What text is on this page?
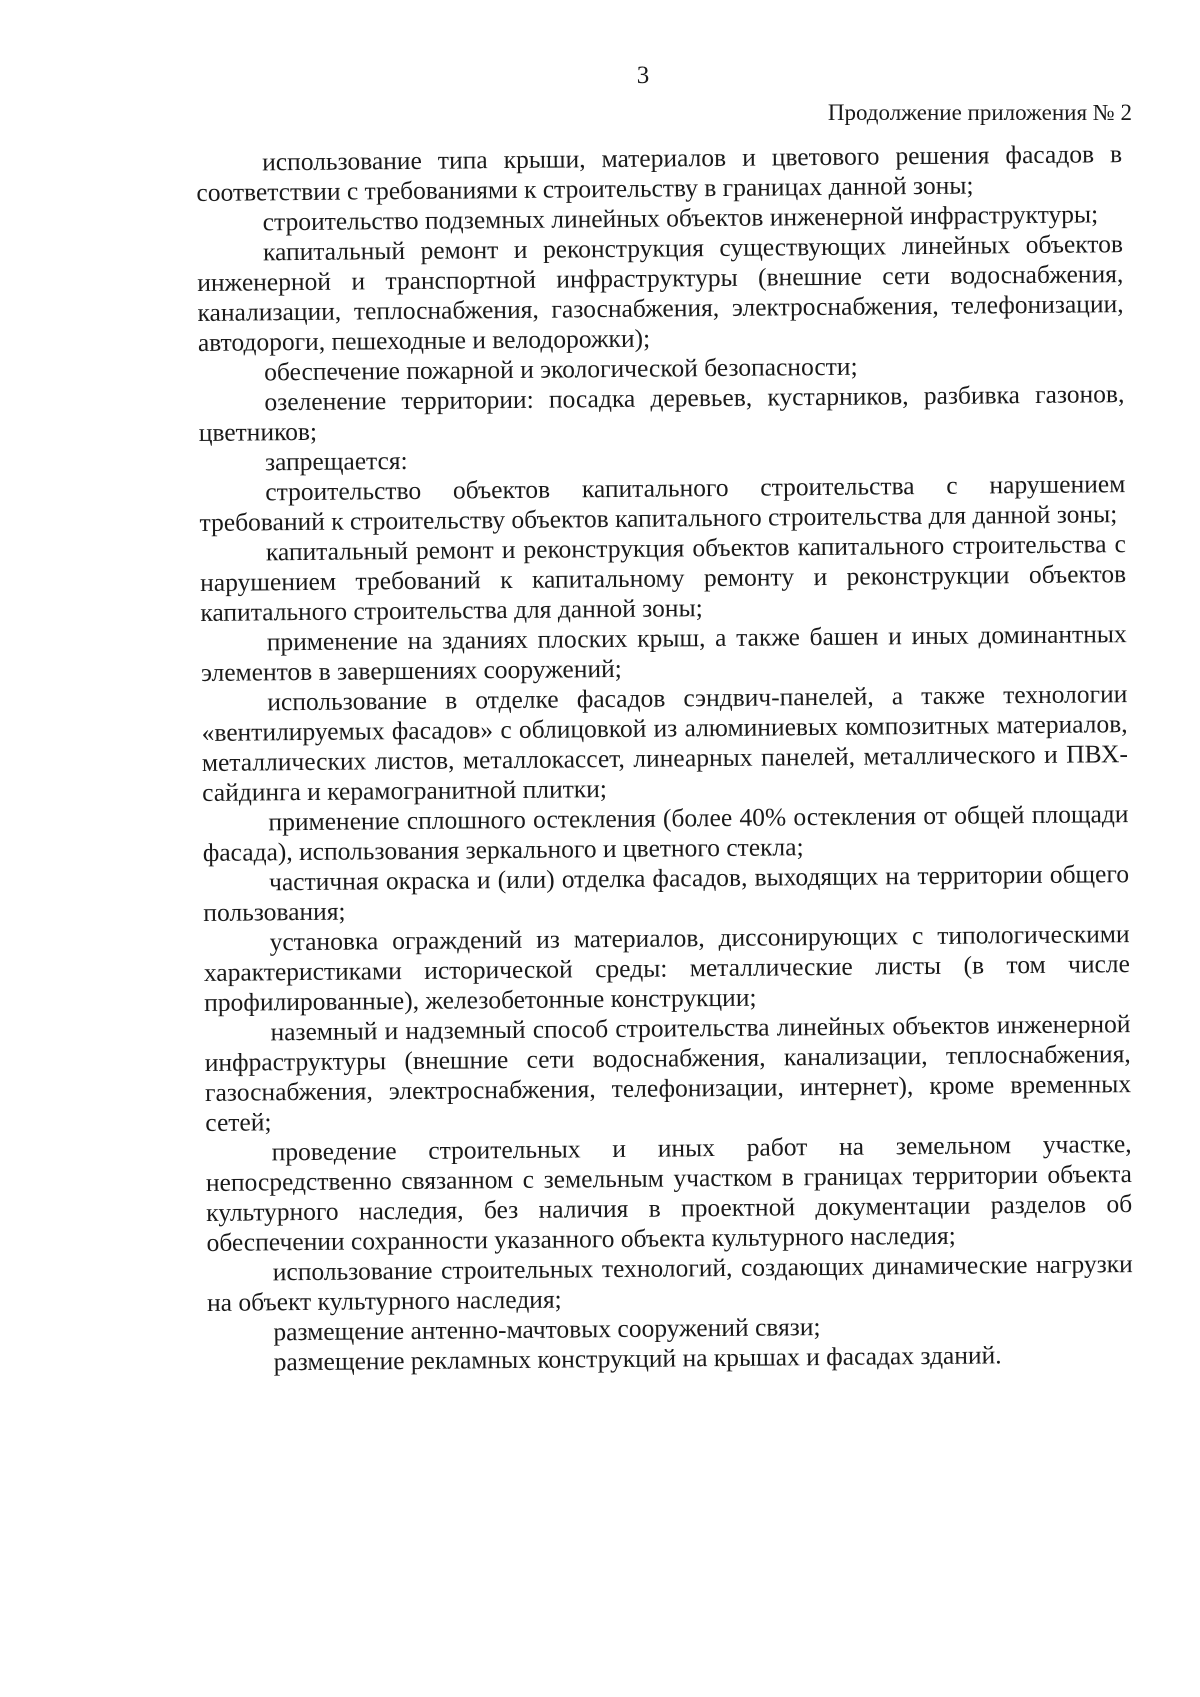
3
Продолжение приложения № 2

использование типа крыши, материалов и цветового решения фасадов в соответствии с требованиями к строительству в границах данной зоны;

строительство подземных линейных объектов инженерной инфраструктуры;

капитальный ремонт и реконструкция существующих линейных объектов инженерной и транспортной инфраструктуры (внешние сети водоснабжения, канализации, теплоснабжения, газоснабжения, электроснабжения, телефонизации, автодороги, пешеходные и велодорожки);

обеспечение пожарной и экологической безопасности;

озеленение территории: посадка деревьев, кустарников, разбивка газонов, цветников;

запрещается:

строительство объектов капитального строительства с нарушением требований к строительству объектов капитального строительства для данной зоны;

капитальный ремонт и реконструкция объектов капитального строительства с нарушением требований к капитальному ремонту и реконструкции объектов капитального строительства для данной зоны;

применение на зданиях плоских крыш, а также башен и иных доминантных элементов в завершениях сооружений;

использование в отделке фасадов сэндвич-панелей, а также технологии «вентилируемых фасадов» с облицовкой из алюминиевых композитных материалов, металлических листов, металлокассет, линеарных панелей, металлического и ПВХ-сайдинга и керамогранитной плитки;

применение сплошного остекления (более 40% остекления от общей площади фасада), использования зеркального и цветного стекла;

частичная окраска и (или) отделка фасадов, выходящих на территории общего пользования;

установка ограждений из материалов, диссонирующих с типологическими характеристиками исторической среды: металлические листы (в том числе профилированные), железобетонные конструкции;

наземный и надземный способ строительства линейных объектов инженерной инфраструктуры (внешние сети водоснабжения, канализации, теплоснабжения, газоснабжения, электроснабжения, телефонизации, интернет), кроме временных сетей;

проведение строительных и иных работ на земельном участке, непосредственно связанном с земельным участком в границах территории объекта культурного наследия, без наличия в проектной документации разделов об обеспечении сохранности указанного объекта культурного наследия;

использование строительных технологий, создающих динамические нагрузки на объект культурного наследия;

размещение антенно-мачтовых сооружений связи;

размещение рекламных конструкций на крышах и фасадах зданий.
